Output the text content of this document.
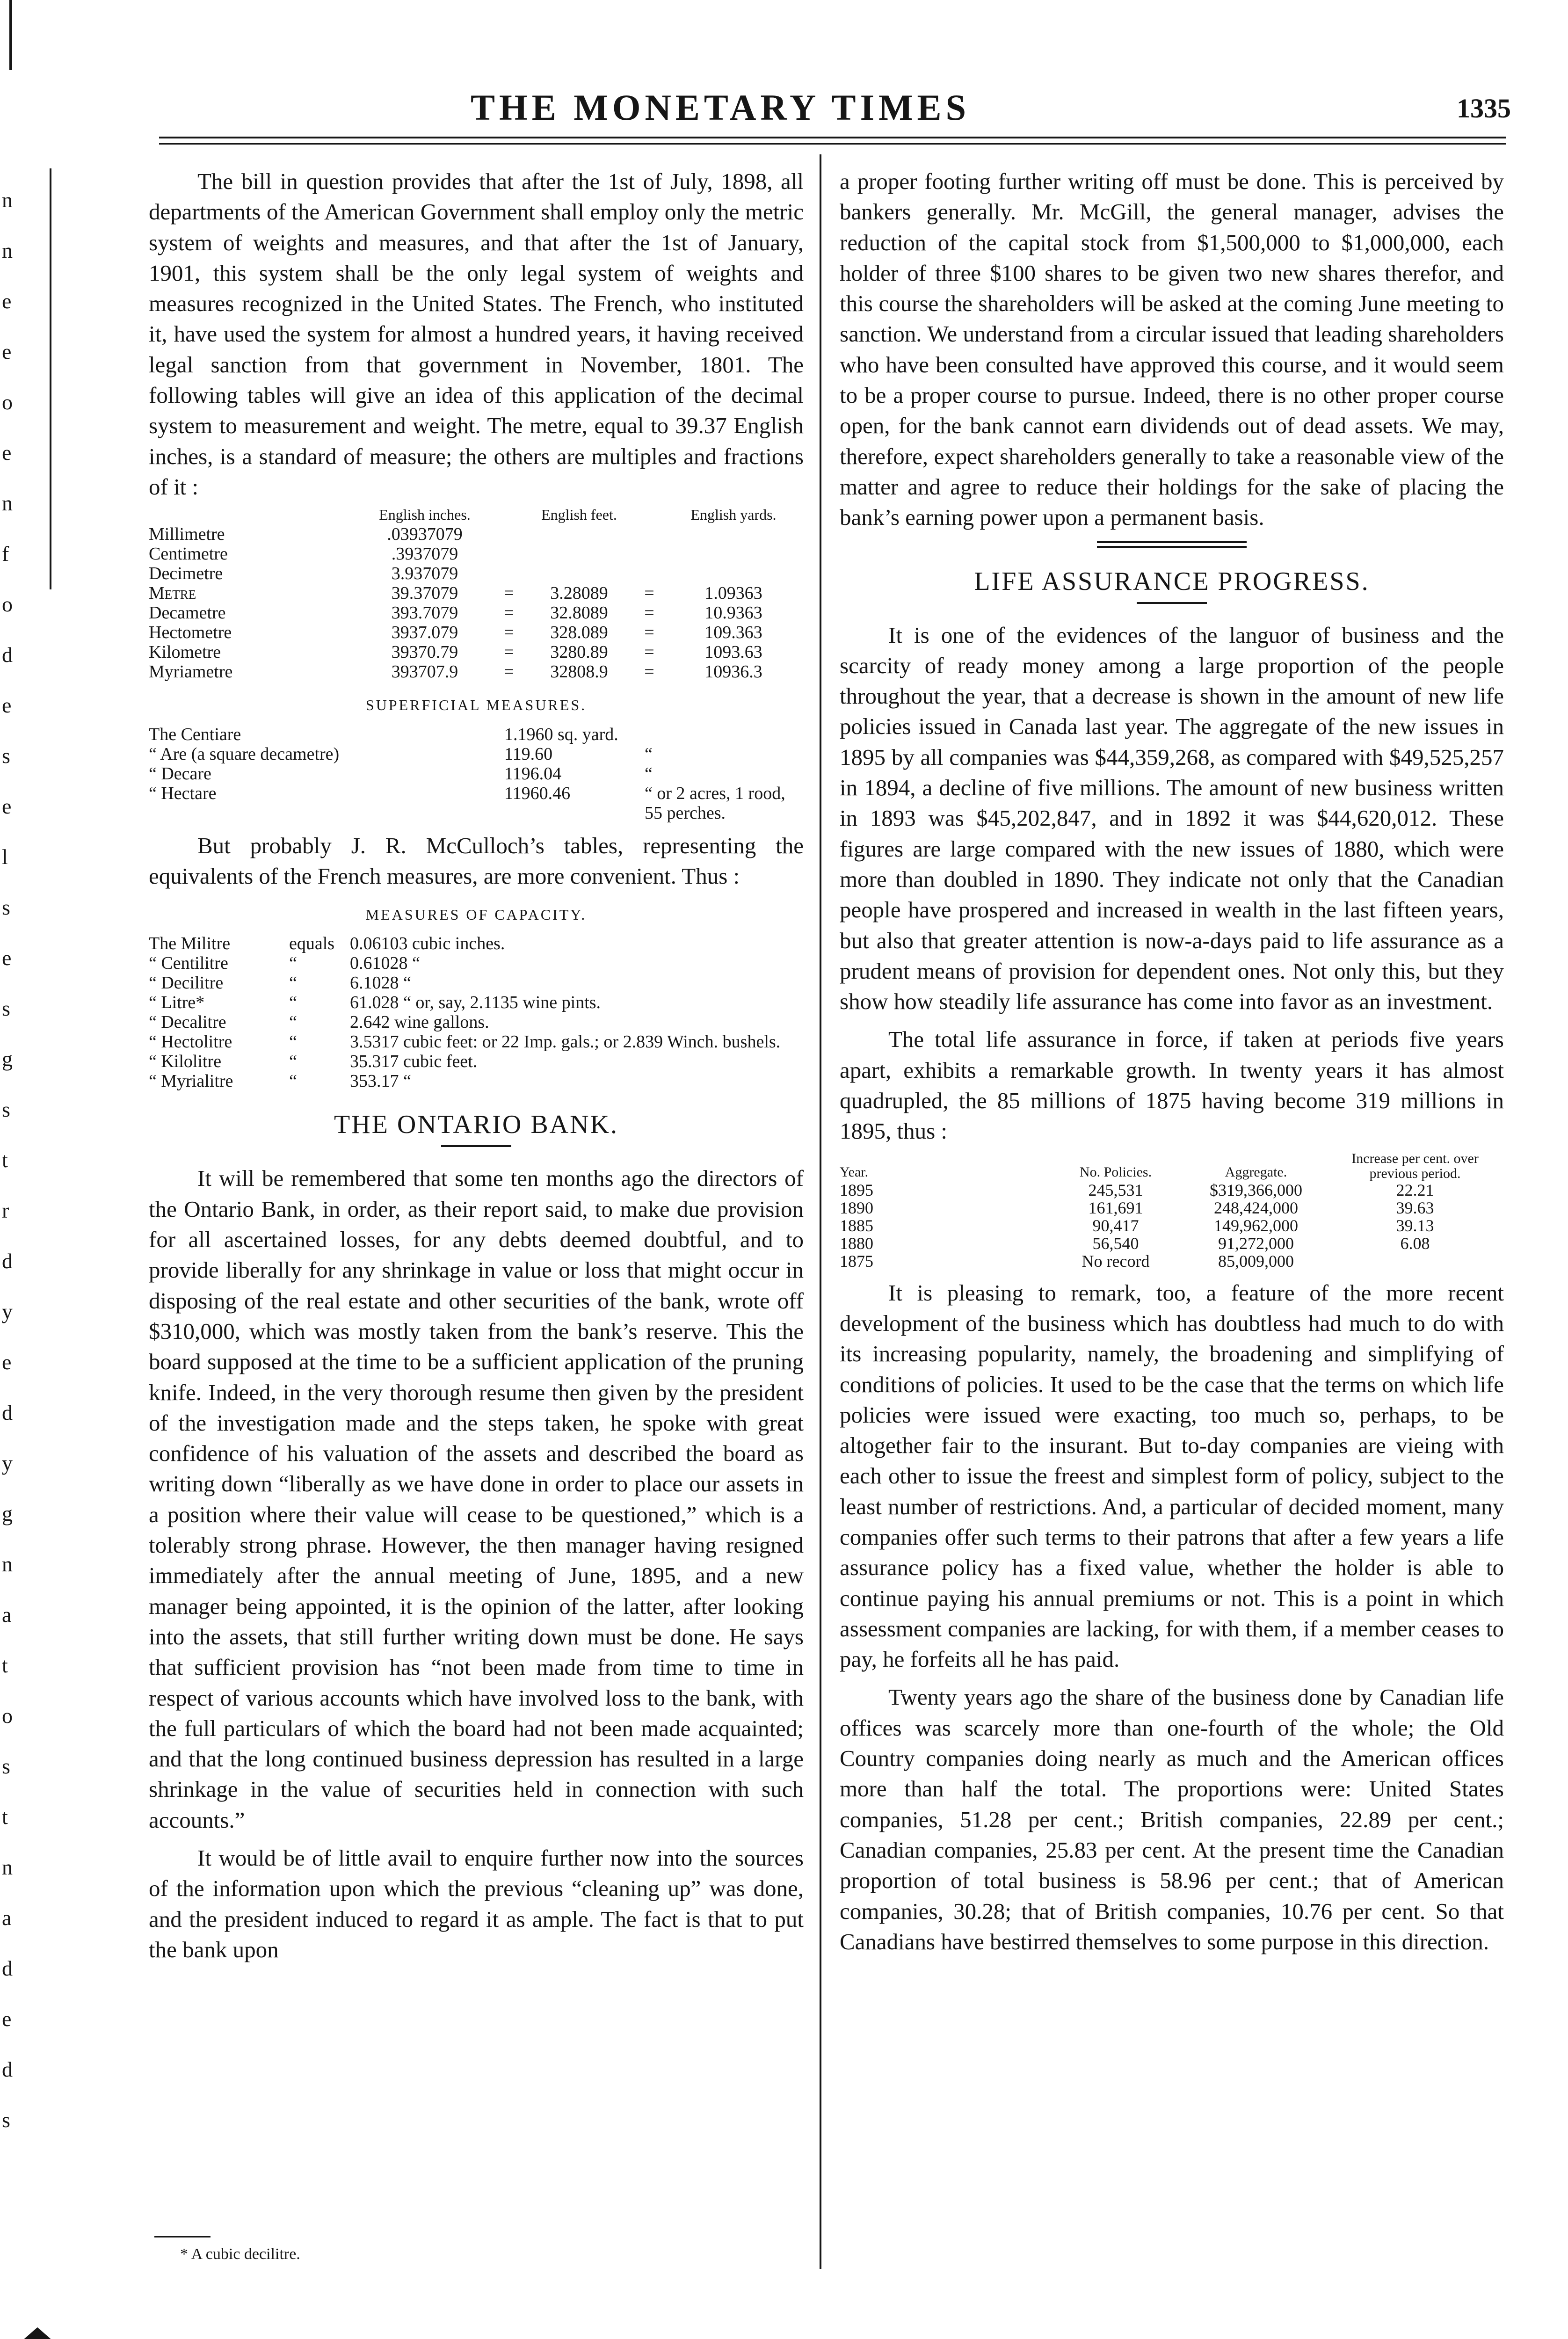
THE MONETARY TIMES	1335
n
n
e
e
o
e
n
f
o
d
e
s
e
l
s
e
s
g
s
t
r
d
y
e
d
y
g
n
a
t
o
s
t
n
a
d
e
d
s

The bill in question provides that after the 1st of July, 1898, all departments of the American Government shall employ only the metric system of weights and measures, and that after the 1st of January, 1901, this system shall be the only legal system of weights and measures recognized in the United States. The French, who instituted it, have used the system for almost a hundred years, it having received legal sanction from that government in November, 1801. The following tables will give an idea of this application of the decimal system to measurement and weight. The metre, equal to 39.37 English inches, is a standard of measure; the others are multiples and fractions of it :

	English inches.		English feet.		English yards.
Millimetre	.03937079				
Centimetre	.3937079				
Decimetre	3.937079				
Metre	39.37079	=	3.28089	=	1.09363
Decametre	393.7079	=	32.8089	=	10.9363
Hectometre	3937.079	=	328.089	=	109.363
Kilometre	39370.79	=	3280.89	=	1093.63
Myriametre	393707.9	=	32808.9	=	10936.3
SUPERFICIAL MEASURES.
The Centiare	1.1960 sq. yard.	
“ Are (a square decametre)	119.60	“
“ Decare	1196.04	“
“ Hectare	11960.46	“ or 2 acres, 1 rood, 55 perches.

But probably J. R. McCulloch’s tables, representing the equivalents of the French measures, are more convenient. Thus :

MEASURES OF CAPACITY.
The Militre	equals	0.06103 cubic inches.
“ Centilitre	“	0.61028 “
“ Decilitre	“	6.1028 “
“ Litre*	“	61.028 “ or, say, 2.1135 wine pints.
“ Decalitre	“	2.642 wine gallons.
“ Hectolitre	“	3.5317 cubic feet: or 22 Imp. gals.; or 2.839 Winch. bushels.
“ Kilolitre	“	35.317 cubic feet.
“ Myrialitre	“	353.17 “
THE ONTARIO BANK.

It will be remembered that some ten months ago the directors of the Ontario Bank, in order, as their report said, to make due provision for all ascertained losses, for any debts deemed doubtful, and to provide liberally for any shrinkage in value or loss that might occur in disposing of the real estate and other securities of the bank, wrote off $310,000, which was mostly taken from the bank’s reserve. This the board supposed at the time to be a sufficient application of the pruning knife. Indeed, in the very thorough resume then given by the president of the investigation made and the steps taken, he spoke with great confidence of his valuation of the assets and described the board as writing down “liberally as we have done in order to place our assets in a position where their value will cease to be questioned,” which is a tolerably strong phrase. However, the then manager having resigned immediately after the annual meeting of June, 1895, and a new manager being appointed, it is the opinion of the latter, after looking into the assets, that still further writing down must be done. He says that sufficient provision has “not been made from time to time in respect of various accounts which have involved loss to the bank, with the full particulars of which the board had not been made acquainted; and that the long continued business depression has resulted in a large shrinkage in the value of securities held in connection with such accounts.”

It would be of little avail to enquire further now into the sources of the information upon which the previous “cleaning up” was done, and the president induced to regard it as ample. The fact is that to put the bank upon

* A cubic decilitre.

a proper footing further writing off must be done. This is perceived by bankers generally. Mr. McGill, the general manager, advises the reduction of the capital stock from $1,500,000 to $1,000,000, each holder of three $100 shares to be given two new shares therefor, and this course the shareholders will be asked at the coming June meeting to sanction. We understand from a circular issued that leading shareholders who have been consulted have approved this course, and it would seem to be a proper course to pursue. Indeed, there is no other proper course open, for the bank cannot earn dividends out of dead assets. We may, therefore, expect shareholders generally to take a reasonable view of the matter and agree to reduce their holdings for the sake of placing the bank’s earning power upon a permanent basis.

LIFE ASSURANCE PROGRESS.

It is one of the evidences of the languor of business and the scarcity of ready money among a large proportion of the people throughout the year, that a decrease is shown in the amount of new life policies issued in Canada last year. The aggregate of the new issues in 1895 by all companies was $44,359,268, as compared with $49,525,257 in 1894, a decline of five millions. The amount of new business written in 1893 was $45,202,847, and in 1892 it was $44,620,012. These figures are large compared with the new issues of 1880, which were more than doubled in 1890. They indicate not only that the Canadian people have prospered and increased in wealth in the last fifteen years, but also that greater attention is now-a-days paid to life assurance as a prudent means of provision for dependent ones. Not only this, but they show how steadily life assurance has come into favor as an investment.

The total life assurance in force, if taken at periods five years apart, exhibits a remarkable growth. In twenty years it has almost quadrupled, the 85 millions of 1875 having become 319 millions in 1895, thus :

Year.	No. Policies.	Aggregate.	Increase per cent. over previous period.
1895	245,531	$319,366,000	22.21
1890	161,691	248,424,000	39.63
1885	90,417	149,962,000	39.13
1880	56,540	91,272,000	6.08
1875	No record	85,009,000	

It is pleasing to remark, too, a feature of the more recent development of the business which has doubtless had much to do with its increasing popularity, namely, the broadening and simplifying of conditions of policies. It used to be the case that the terms on which life policies were issued were exacting, too much so, perhaps, to be altogether fair to the insurant. But to-day companies are vieing with each other to issue the freest and simplest form of policy, subject to the least number of restrictions. And, a particular of decided moment, many companies offer such terms to their patrons that after a few years a life assurance policy has a fixed value, whether the holder is able to continue paying his annual premiums or not. This is a point in which assessment companies are lacking, for with them, if a member ceases to pay, he forfeits all he has paid.

Twenty years ago the share of the business done by Canadian life offices was scarcely more than one-fourth of the whole; the Old Country companies doing nearly as much and the American offices more than half the total. The proportions were: United States companies, 51.28 per cent.; British companies, 22.89 per cent.; Canadian companies, 25.83 per cent. At the present time the Canadian proportion of total business is 58.96 per cent.; that of American companies, 30.28; that of British companies, 10.76 per cent. So that Canadians have bestirred themselves to some purpose in this direction.
